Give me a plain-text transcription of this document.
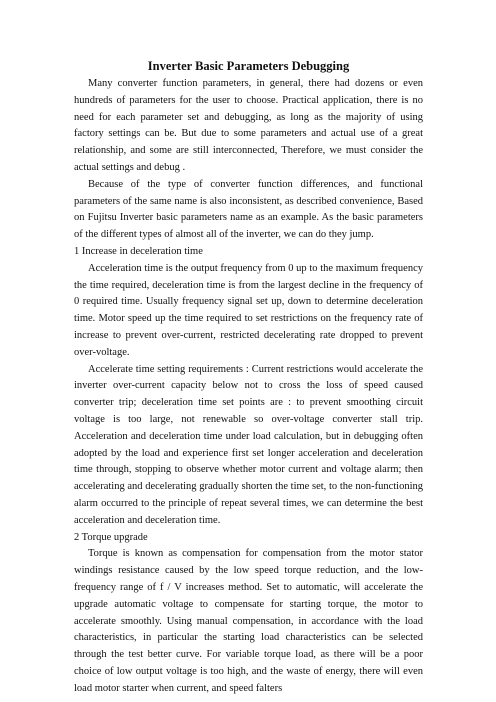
Inverter Basic Parameters Debugging

Many converter function parameters, in general, there had dozens or even hundreds of parameters for the user to choose. Practical application, there is no need for each parameter set and debugging, as long as the majority of using factory settings can be. But due to some parameters and actual use of a great relationship, and some are still interconnected, Therefore, we must consider the actual settings and debug .

Because of the type of converter function differences, and functional parameters of the same name is also inconsistent, as described convenience, Based on Fujitsu Inverter basic parameters name as an example. As the basic parameters of the different types of almost all of the inverter, we can do they jump.

1 Increase in deceleration time

Acceleration time is the output frequency from 0 up to the maximum frequency the time required, deceleration time is from the largest decline in the frequency of 0 required time. Usually frequency signal set up, down to determine deceleration time. Motor speed up the time required to set restrictions on the frequency rate of increase to prevent over-current, restricted decelerating rate dropped to prevent over-voltage.

Accelerate time setting requirements : Current restrictions would accelerate the inverter over-current capacity below not to cross the loss of speed caused converter trip; deceleration time set points are : to prevent smoothing circuit voltage is too large, not renewable so over-voltage converter stall trip. Acceleration and deceleration time under load calculation, but in debugging often adopted by the load and experience first set longer acceleration and deceleration time through, stopping to observe whether motor current and voltage alarm; then accelerating and decelerating gradually shorten the time set, to the non-functioning alarm occurred to the principle of repeat several times, we can determine the best acceleration and deceleration time.

2 Torque upgrade

Torque is known as compensation for compensation from the motor stator windings resistance caused by the low speed torque reduction, and the low-frequency range of f / V increases method. Set to automatic, will accelerate the upgrade automatic voltage to compensate for starting torque, the motor to accelerate smoothly. Using manual compensation, in accordance with the load characteristics, in particular the starting load characteristics can be selected through the test better curve. For variable torque load, as there will be a poor choice of low output voltage is too high, and the waste of energy, there will even load motor starter when current, and speed falters
